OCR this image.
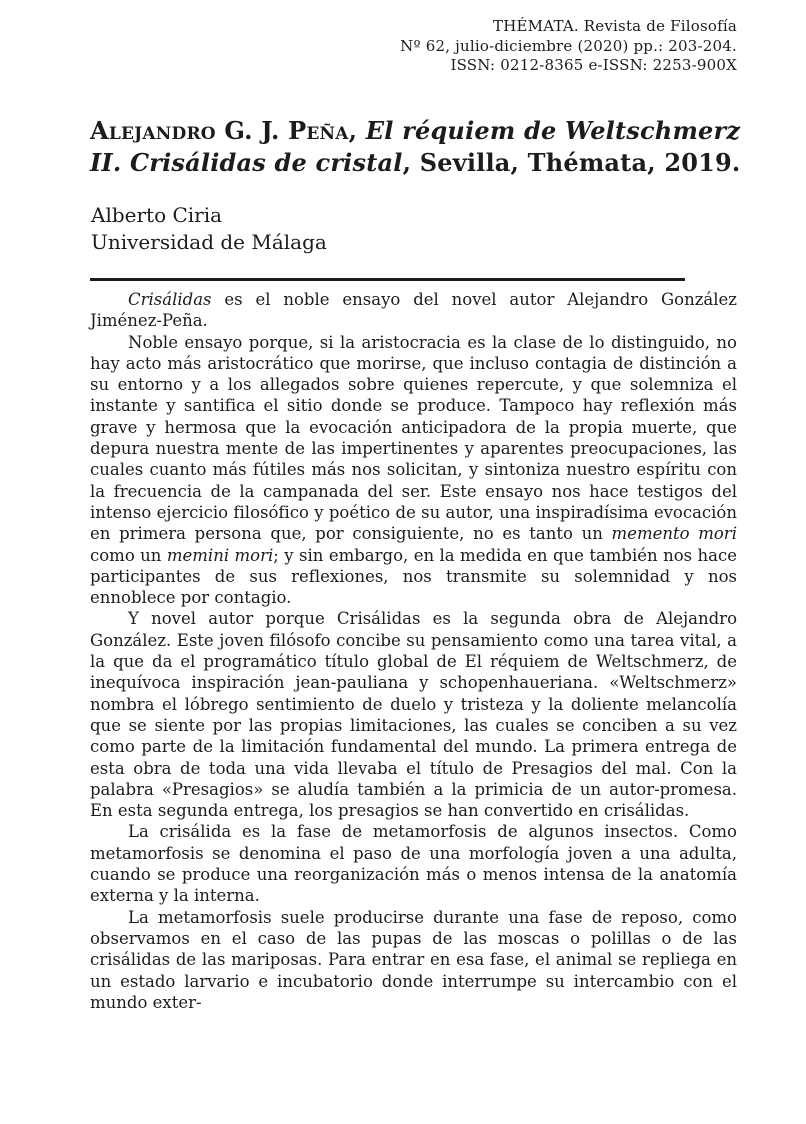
THÉMATA. Revista de Filosofía
Nº 62, julio-diciembre (2020) pp.: 203-204.
ISSN: 0212-8365 e-ISSN: 2253-900X
Alejandro G. J. Peña, El réquiem de Weltschmerz II. Crisálidas de cristal, Sevilla, Thémata, 2019.
Alberto Ciria
Universidad de Málaga

Crisálidas es el noble ensayo del novel autor Alejandro González Jiménez-Peña.

Noble ensayo porque, si la aristocracia es la clase de lo distinguido, no hay acto más aristocrático que morirse, que incluso contagia de distinción a su entorno y a los allegados sobre quienes repercute, y que solemniza el instante y santifica el sitio donde se produce. Tampoco hay reflexión más grave y hermosa que la evocación anticipadora de la propia muerte, que depura nuestra mente de las impertinentes y aparentes preocupaciones, las cuales cuanto más fútiles más nos solicitan, y sintoniza nuestro espíritu con la frecuencia de la campanada del ser. Este ensayo nos hace testigos del intenso ejercicio filosófico y poético de su autor, una inspiradísima evocación en primera persona que, por consiguiente, no es tanto un memento mori como un memini mori; y sin embargo, en la medida en que también nos hace participantes de sus reflexiones, nos transmite su solemnidad y nos ennoblece por contagio.

Y novel autor porque Crisálidas es la segunda obra de Alejandro González. Este joven filósofo concibe su pensamiento como una tarea vital, a la que da el programático título global de El réquiem de Weltschmerz, de inequívoca inspiración jean-pauliana y schopenhaueriana. «Weltschmerz» nombra el lóbrego sentimiento de duelo y tristeza y la doliente melancolía que se siente por las propias limitaciones, las cuales se conciben a su vez como parte de la limitación fundamental del mundo. La primera entrega de esta obra de toda una vida llevaba el título de Presagios del mal. Con la palabra «Presagios» se aludía también a la primicia de un autor-promesa. En esta segunda entrega, los presagios se han convertido en crisálidas.

La crisálida es la fase de metamorfosis de algunos insectos. Como metamorfosis se denomina el paso de una morfología joven a una adulta, cuando se produce una reorganización más o menos intensa de la anatomía externa y la interna.

La metamorfosis suele producirse durante una fase de reposo, como observamos en el caso de las pupas de las moscas o polillas o de las crisálidas de las mariposas. Para entrar en esa fase, el animal se repliega en un estado larvario e incubatorio donde interrumpe su intercambio con el mundo exter-
